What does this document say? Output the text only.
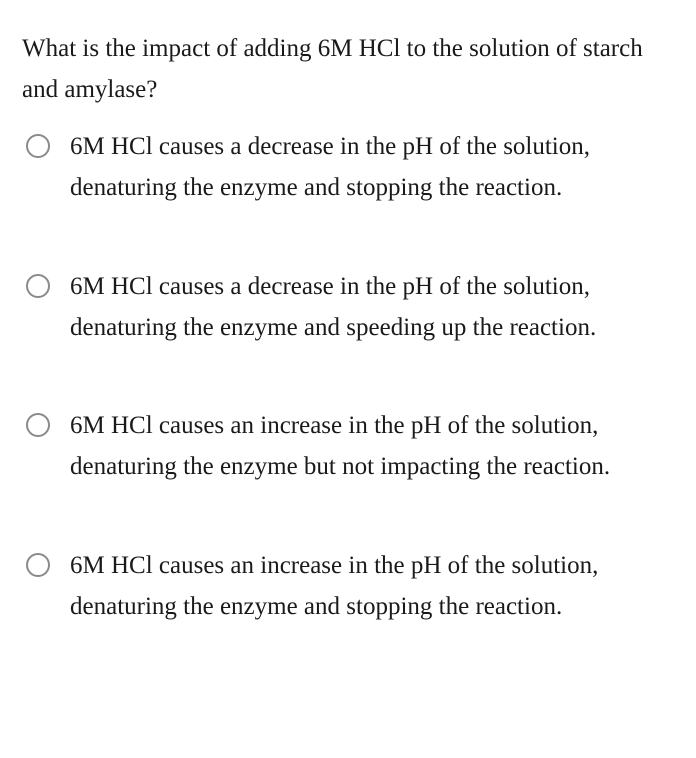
What is the impact of adding 6M HCl to the solution of starch and amylase?
6M HCl causes a decrease in the pH of the solution, denaturing the enzyme and stopping the reaction.
6M HCl causes a decrease in the pH of the solution, denaturing the enzyme and speeding up the reaction.
6M HCl causes an increase in the pH of the solution, denaturing the enzyme but not impacting the reaction.
6M HCl causes an increase in the pH of the solution, denaturing the enzyme and stopping the reaction.
